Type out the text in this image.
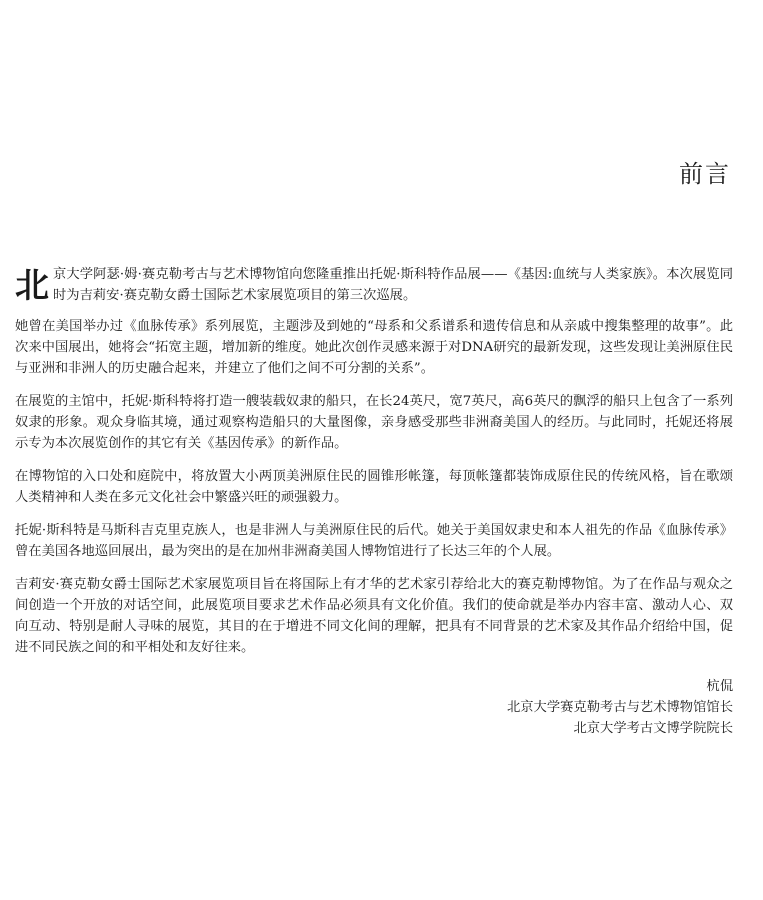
前言

北京大学阿瑟·姆·赛克勒考古与艺术博物馆向您隆重推出托妮·斯科特作品展——《基因:血统与人类家族》。本次展览同时为吉莉安·赛克勒女爵士国际艺术家展览项目的第三次巡展。

她曾在美国举办过《血脉传承》系列展览，主题涉及到她的“母系和父系谱系和遗传信息和从亲戚中搜集整理的故事”。此次来中国展出，她将会“拓宽主题，增加新的维度。她此次创作灵感来源于对DNA研究的最新发现，这些发现让美洲原住民与亚洲和非洲人的历史融合起来，并建立了他们之间不可分割的关系”。

在展览的主馆中，托妮·斯科特将打造一艘装载奴隶的船只，在长24英尺，宽7英尺，高6英尺的飘浮的船只上包含了一系列奴隶的形象。观众身临其境，通过观察构造船只的大量图像，亲身感受那些非洲裔美国人的经历。与此同时，托妮还将展示专为本次展览创作的其它有关《基因传承》的新作品。

在博物馆的入口处和庭院中，将放置大小两顶美洲原住民的圆锥形帐篷，每顶帐篷都装饰成原住民的传统风格，旨在歌颂人类精神和人类在多元文化社会中繁盛兴旺的顽强毅力。

托妮·斯科特是马斯科吉克里克族人，也是非洲人与美洲原住民的后代。她关于美国奴隶史和本人祖先的作品《血脉传承》曾在美国各地巡回展出，最为突出的是在加州非洲裔美国人博物馆进行了长达三年的个人展。

吉莉安·赛克勒女爵士国际艺术家展览项目旨在将国际上有才华的艺术家引荐给北大的赛克勒博物馆。为了在作品与观众之间创造一个开放的对话空间，此展览项目要求艺术作品必须具有文化价值。我们的使命就是举办内容丰富、激动人心、双向互动、特别是耐人寻味的展览，其目的在于增进不同文化间的理解，把具有不同背景的艺术家及其作品介绍给中国，促进不同民族之间的和平相处和友好往来。

杭侃
北京大学赛克勒考古与艺术博物馆馆长
北京大学考古文博学院院长
